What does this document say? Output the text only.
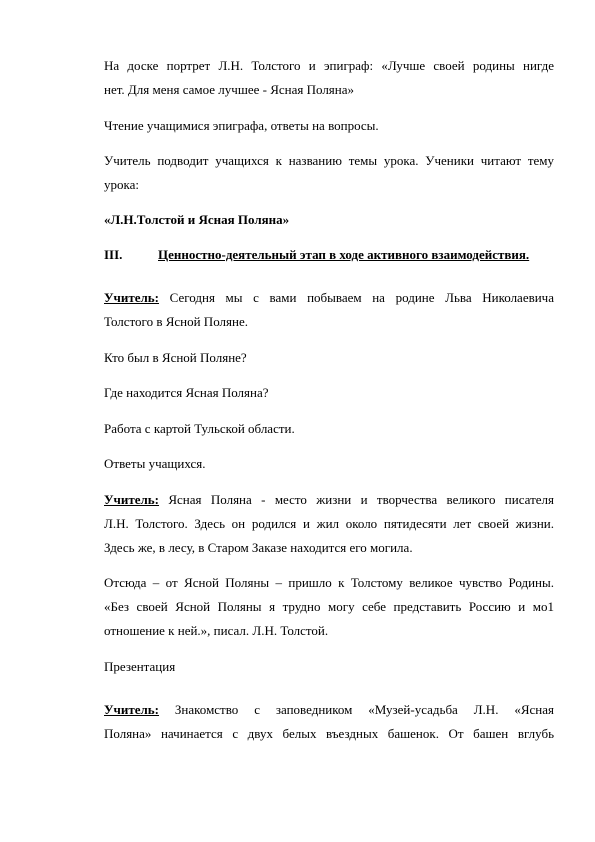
На доске портрет Л.Н. Толстого и эпиграф: «Лучше своей родины нигде
нет. Для меня самое лучшее - Ясная Поляна»
Чтение учащимися эпиграфа, ответы на вопросы.
Учитель подводит учащихся к названию темы урока. Ученики читают тему
урока:
«Л.Н.Толстой и Ясная Поляна»
III.	Ценностно-деятельный этап в ходе активного взаимодействия.
Учитель: Сегодня мы с вами побываем на родине Льва Николаевича
Толстого в Ясной Поляне.
Кто был в Ясной Поляне?
Где находится Ясная Поляна?
Работа с картой Тульской области.
Ответы учащихся.
Учитель: Ясная Поляна - место жизни и творчества великого писателя
Л.Н. Толстого. Здесь он родился и жил около пятидесяти лет своей жизни.
Здесь же, в лесу, в Старом Заказе находится его могила.
Отсюда – от Ясной Поляны – пришло к Толстому великое чувство Родины.
«Без своей Ясной Поляны я трудно могу себе представить Россию и мо1
отношение к ней.», писал. Л.Н. Толстой.
Презентация
Учитель: Знакомство с заповедником «Музей-усадьба Л.Н. «Ясная
Поляна» начинается с двух белых въездных башенок. От башен вглубь
